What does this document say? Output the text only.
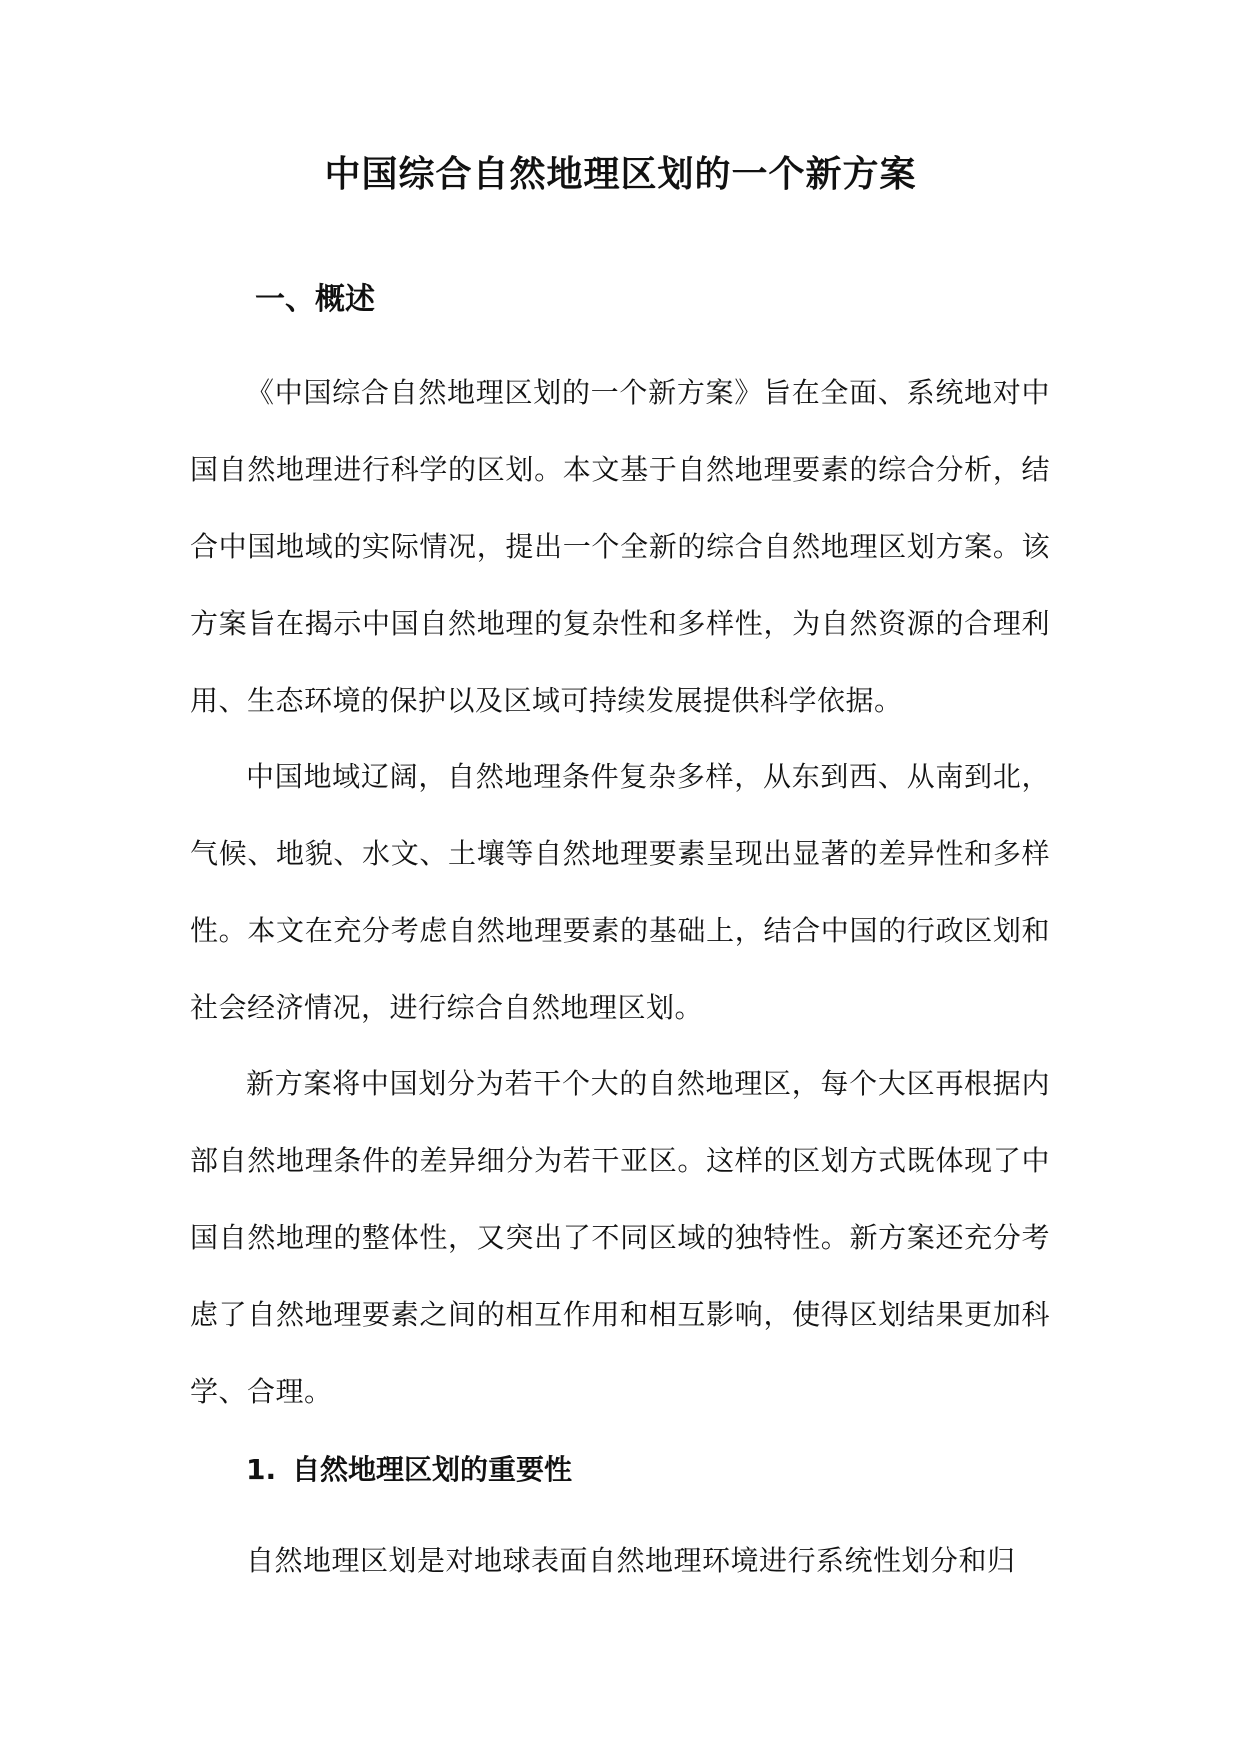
中国综合自然地理区划的一个新方案
一、概述

《中国综合自然地理区划的一个新方案》旨在全面、系统地对中国自然地理进行科学的区划。本文基于自然地理要素的综合分析，结合中国地域的实际情况，提出一个全新的综合自然地理区划方案。该方案旨在揭示中国自然地理的复杂性和多样性，为自然资源的合理利用、生态环境的保护以及区域可持续发展提供科学依据。

中国地域辽阔，自然地理条件复杂多样，从东到西、从南到北，气候、地貌、水文、土壤等自然地理要素呈现出显著的差异性和多样性。本文在充分考虑自然地理要素的基础上，结合中国的行政区划和社会经济情况，进行综合自然地理区划。

新方案将中国划分为若干个大的自然地理区，每个大区再根据内部自然地理条件的差异细分为若干亚区。这样的区划方式既体现了中国自然地理的整体性，又突出了不同区域的独特性。新方案还充分考虑了自然地理要素之间的相互作用和相互影响，使得区划结果更加科学、合理。

1. 自然地理区划的重要性

自然地理区划是对地球表面自然地理环境进行系统性划分和归
